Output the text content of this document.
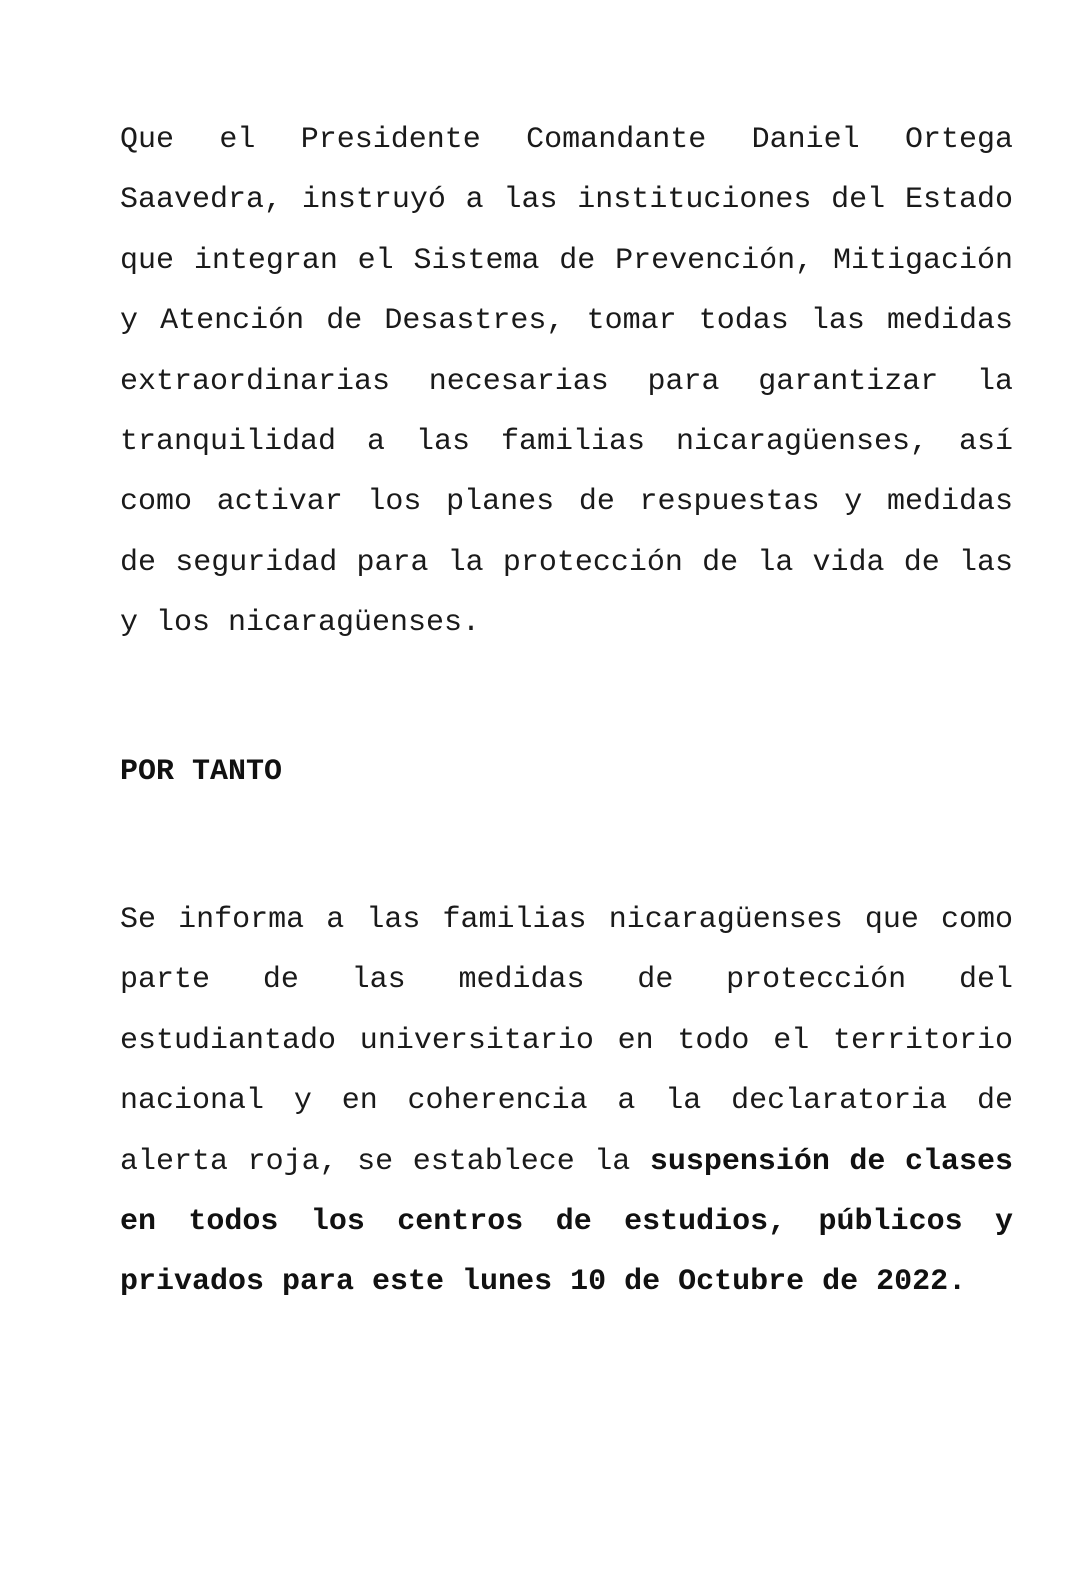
Que el Presidente Comandante Daniel Ortega Saavedra, instruyó a las instituciones del Estado que integran el Sistema de Prevención, Mitigación y Atención de Desastres, tomar todas las medidas extraordinarias necesarias para garantizar la tranquilidad a las familias nicaragüenses, así como activar los planes de respuestas y medidas de seguridad para la protección de la vida de las y los nicaragüenses.

POR TANTO

Se informa a las familias nicaragüenses que como parte de las medidas de protección del estudiantado universitario en todo el territorio nacional y en coherencia a la declaratoria de alerta roja, se establece la suspensión de clases en todos los centros de estudios, públicos y privados para este lunes 10 de Octubre de 2022.
